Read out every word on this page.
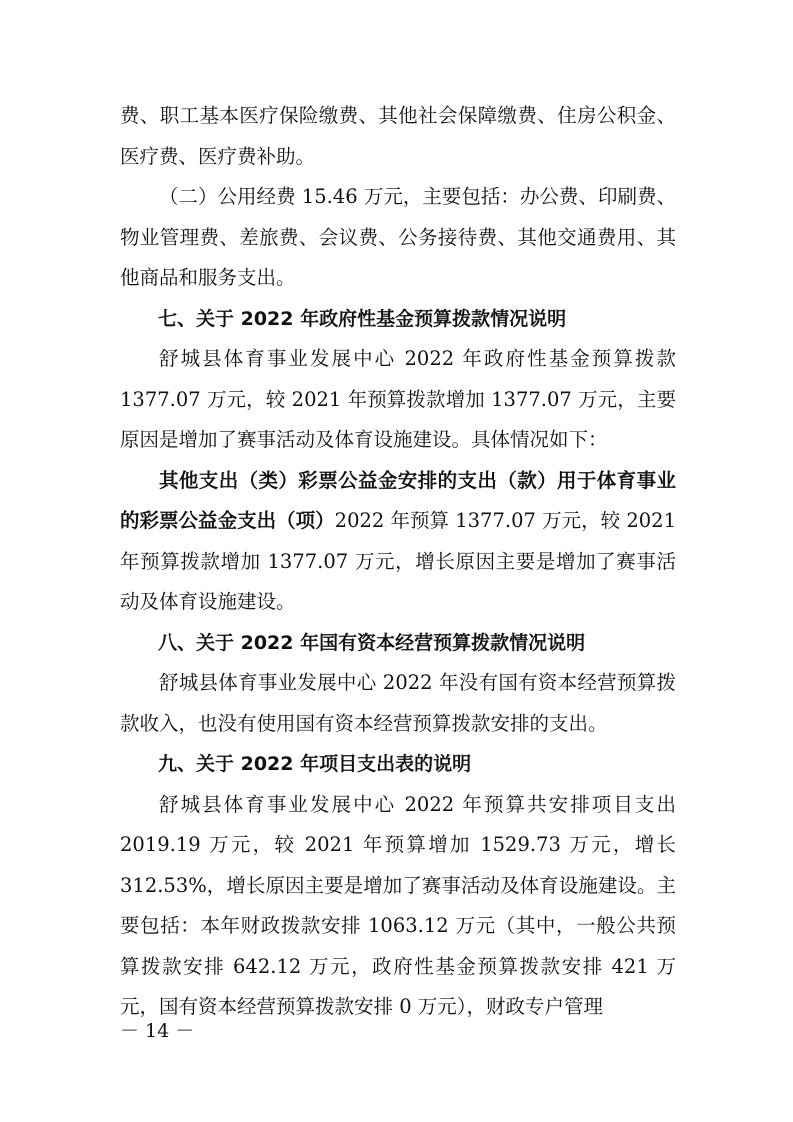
费、职工基本医疗保险缴费、其他社会保障缴费、住房公积金、医疗费、医疗费补助。

（二）公用经费 15.46 万元，主要包括：办公费、印刷费、物业管理费、差旅费、会议费、公务接待费、其他交通费用、其他商品和服务支出。

七、关于 2022 年政府性基金预算拨款情况说明

舒城县体育事业发展中心 2022 年政府性基金预算拨款 1377.07 万元，较 2021 年预算拨款增加 1377.07 万元，主要原因是增加了赛事活动及体育设施建设。具体情况如下：

其他支出（类）彩票公益金安排的支出（款）用于体育事业的彩票公益金支出（项）2022 年预算 1377.07 万元，较 2021 年预算拨款增加 1377.07 万元，增长原因主要是增加了赛事活动及体育设施建设。

八、关于 2022 年国有资本经营预算拨款情况说明

舒城县体育事业发展中心 2022 年没有国有资本经营预算拨款收入，也没有使用国有资本经营预算拨款安排的支出。

九、关于 2022 年项目支出表的说明

舒城县体育事业发展中心 2022 年预算共安排项目支出 2019.19 万元，较 2021 年预算增加 1529.73 万元，增长 312.53%，增长原因主要是增加了赛事活动及体育设施建设。主要包括：本年财政拨款安排 1063.12 万元（其中，一般公共预算拨款安排 642.12 万元，政府性基金预算拨款安排 421 万元，国有资本经营预算拨款安排 0 万元），财政专户管理

－ 14 －
